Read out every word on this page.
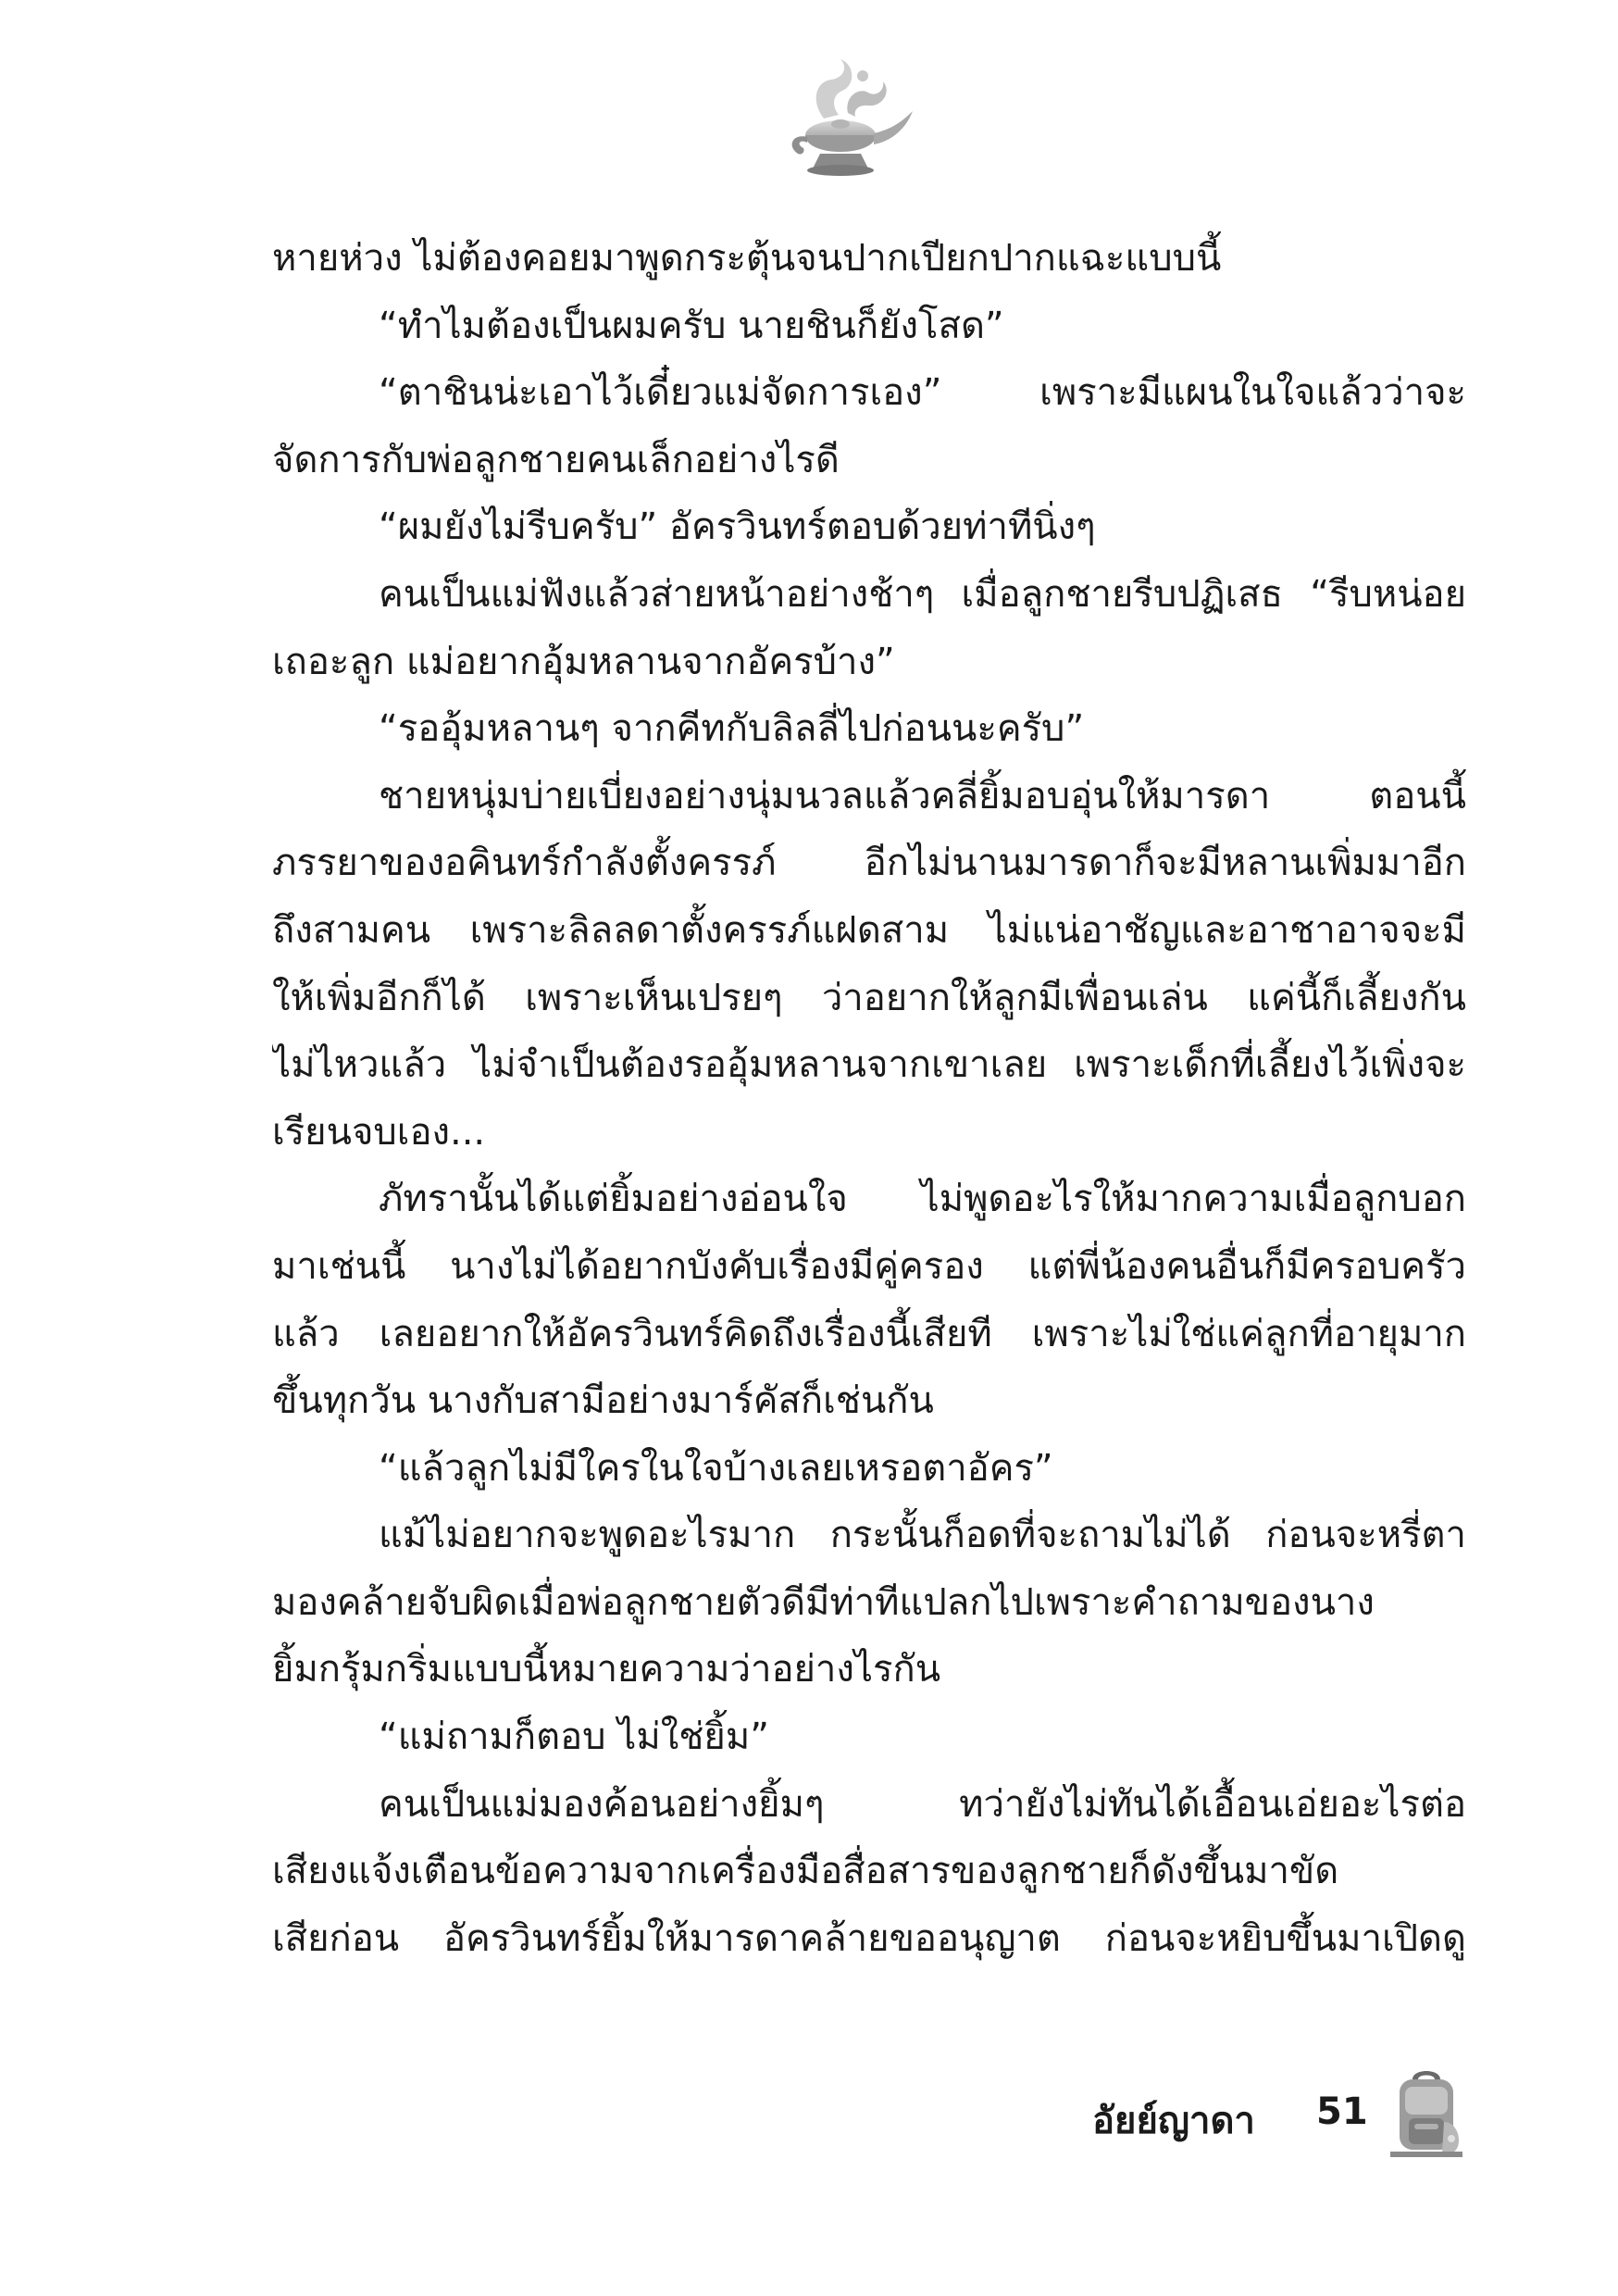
หายห่วง ไม่ต้องคอยมาพูดกระตุ้นจนปากเปียกปากแฉะแบบนี้
“ทำไมต้องเป็นผมครับ นายชินก็ยังโสด”
“ตาชินน่ะเอาไว้เดี๋ยวแม่จัดการเอง” เพราะมีแผนในใจแล้วว่าจะ
จัดการกับพ่อลูกชายคนเล็กอย่างไรดี
“ผมยังไม่รีบครับ” อัครวินทร์ตอบด้วยท่าทีนิ่งๆ
คนเป็นแม่ฟังแล้วส่ายหน้าอย่างช้าๆ เมื่อลูกชายรีบปฏิเสธ “รีบหน่อย
เถอะลูก แม่อยากอุ้มหลานจากอัครบ้าง”
“รออุ้มหลานๆ จากคีทกับลิลลี่ไปก่อนนะครับ”
ชายหนุ่มบ่ายเบี่ยงอย่างนุ่มนวลแล้วคลี่ยิ้มอบอุ่นให้มารดา ตอนนี้
ภรรยาของอคินทร์กำลังตั้งครรภ์ อีกไม่นานมารดาก็จะมีหลานเพิ่มมาอีก
ถึงสามคน เพราะลิลลดาตั้งครรภ์แฝดสาม ไม่แน่อาชัญและอาชาอาจจะมี
ให้เพิ่มอีกก็ได้ เพราะเห็นเปรยๆ ว่าอยากให้ลูกมีเพื่อนเล่น แค่นี้ก็เลี้ยงกัน
ไม่ไหวแล้ว ไม่จำเป็นต้องรออุ้มหลานจากเขาเลย เพราะเด็กที่เลี้ยงไว้เพิ่งจะ
เรียนจบเอง...
ภัทรานั้นได้แต่ยิ้มอย่างอ่อนใจ ไม่พูดอะไรให้มากความเมื่อลูกบอก
มาเช่นนี้ นางไม่ได้อยากบังคับเรื่องมีคู่ครอง แต่พี่น้องคนอื่นก็มีครอบครัว
แล้ว เลยอยากให้อัครวินทร์คิดถึงเรื่องนี้เสียที เพราะไม่ใช่แค่ลูกที่อายุมาก
ขึ้นทุกวัน นางกับสามีอย่างมาร์คัสก็เช่นกัน
“แล้วลูกไม่มีใครในใจบ้างเลยเหรอตาอัคร”
แม้ไม่อยากจะพูดอะไรมาก กระนั้นก็อดที่จะถามไม่ได้ ก่อนจะหรี่ตา
มองคล้ายจับผิดเมื่อพ่อลูกชายตัวดีมีท่าทีแปลกไปเพราะคำถามของนาง
ยิ้มกรุ้มกริ่มแบบนี้หมายความว่าอย่างไรกัน
“แม่ถามก็ตอบ ไม่ใช่ยิ้ม”
คนเป็นแม่มองค้อนอย่างยิ้มๆ ทว่ายังไม่ทันได้เอื้อนเอ่ยอะไรต่อ
เสียงแจ้งเตือนข้อความจากเครื่องมือสื่อสารของลูกชายก็ดังขึ้นมาขัด
เสียก่อน อัครวินทร์ยิ้มให้มารดาคล้ายขออนุญาต ก่อนจะหยิบขึ้นมาเปิดดู
อัยย์ญาดา 51
